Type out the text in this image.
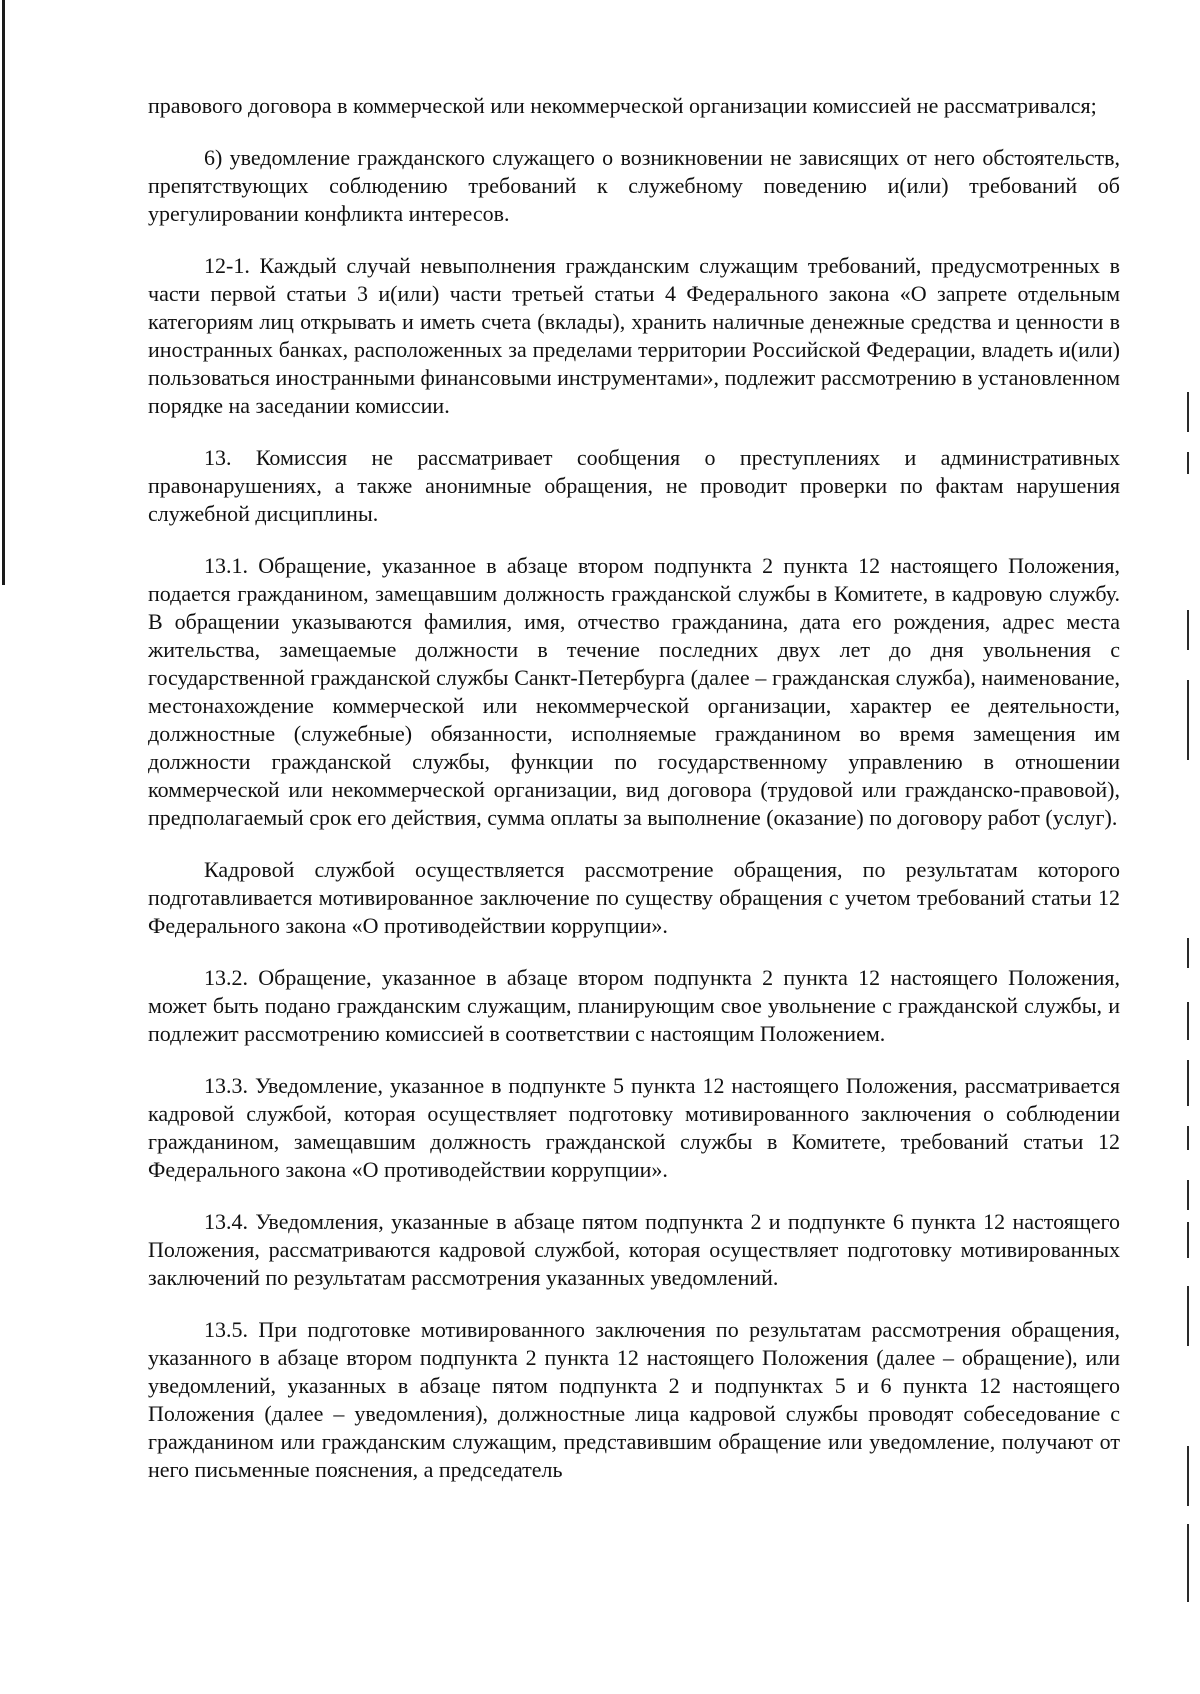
правового договора в коммерческой или некоммерческой организации комиссией не рассматривался;

6) уведомление гражданского служащего о возникновении не зависящих от него обстоятельств, препятствующих соблюдению требований к служебному поведению и(или) требований об урегулировании конфликта интересов.

12-1. Каждый случай невыполнения гражданским служащим требований, предусмотренных в части первой статьи 3 и(или) части третьей статьи 4 Федерального закона «О запрете отдельным категориям лиц открывать и иметь счета (вклады), хранить наличные денежные средства и ценности в иностранных банках, расположенных за пределами территории Российской Федерации, владеть и(или) пользоваться иностранными финансовыми инструментами», подлежит рассмотрению в установленном порядке на заседании комиссии.

13. Комиссия не рассматривает сообщения о преступлениях и административных правонарушениях, а также анонимные обращения, не проводит проверки по фактам нарушения служебной дисциплины.

13.1. Обращение, указанное в абзаце втором подпункта 2 пункта 12 настоящего Положения, подается гражданином, замещавшим должность гражданской службы в Комитете, в кадровую службу. В обращении указываются фамилия, имя, отчество гражданина, дата его рождения, адрес места жительства, замещаемые должности в течение последних двух лет до дня увольнения с государственной гражданской службы Санкт-Петербурга (далее – гражданская служба), наименование, местонахождение коммерческой или некоммерческой организации, характер ее деятельности, должностные (служебные) обязанности, исполняемые гражданином во время замещения им должности гражданской службы, функции по государственному управлению в отношении коммерческой или некоммерческой организации, вид договора (трудовой или гражданско-правовой), предполагаемый срок его действия, сумма оплаты за выполнение (оказание) по договору работ (услуг).

Кадровой службой осуществляется рассмотрение обращения, по результатам которого подготавливается мотивированное заключение по существу обращения с учетом требований статьи 12 Федерального закона «О противодействии коррупции».

13.2. Обращение, указанное в абзаце втором подпункта 2 пункта 12 настоящего Положения, может быть подано гражданским служащим, планирующим свое увольнение с гражданской службы, и подлежит рассмотрению комиссией в соответствии с настоящим Положением.

13.3. Уведомление, указанное в подпункте 5 пункта 12 настоящего Положения, рассматривается кадровой службой, которая осуществляет подготовку мотивированного заключения о соблюдении гражданином, замещавшим должность гражданской службы в Комитете, требований статьи 12 Федерального закона «О противодействии коррупции».

13.4. Уведомления, указанные в абзаце пятом подпункта 2 и подпункте 6 пункта 12 настоящего Положения, рассматриваются кадровой службой, которая осуществляет подготовку мотивированных заключений по результатам рассмотрения указанных уведомлений.

13.5. При подготовке мотивированного заключения по результатам рассмотрения обращения, указанного в абзаце втором подпункта 2 пункта 12 настоящего Положения (далее – обращение), или уведомлений, указанных в абзаце пятом подпункта 2 и подпунктах 5 и 6 пункта 12 настоящего Положения (далее – уведомления), должностные лица кадровой службы проводят собеседование с гражданином или гражданским служащим, представившим обращение или уведомление, получают от него письменные пояснения, а председатель
